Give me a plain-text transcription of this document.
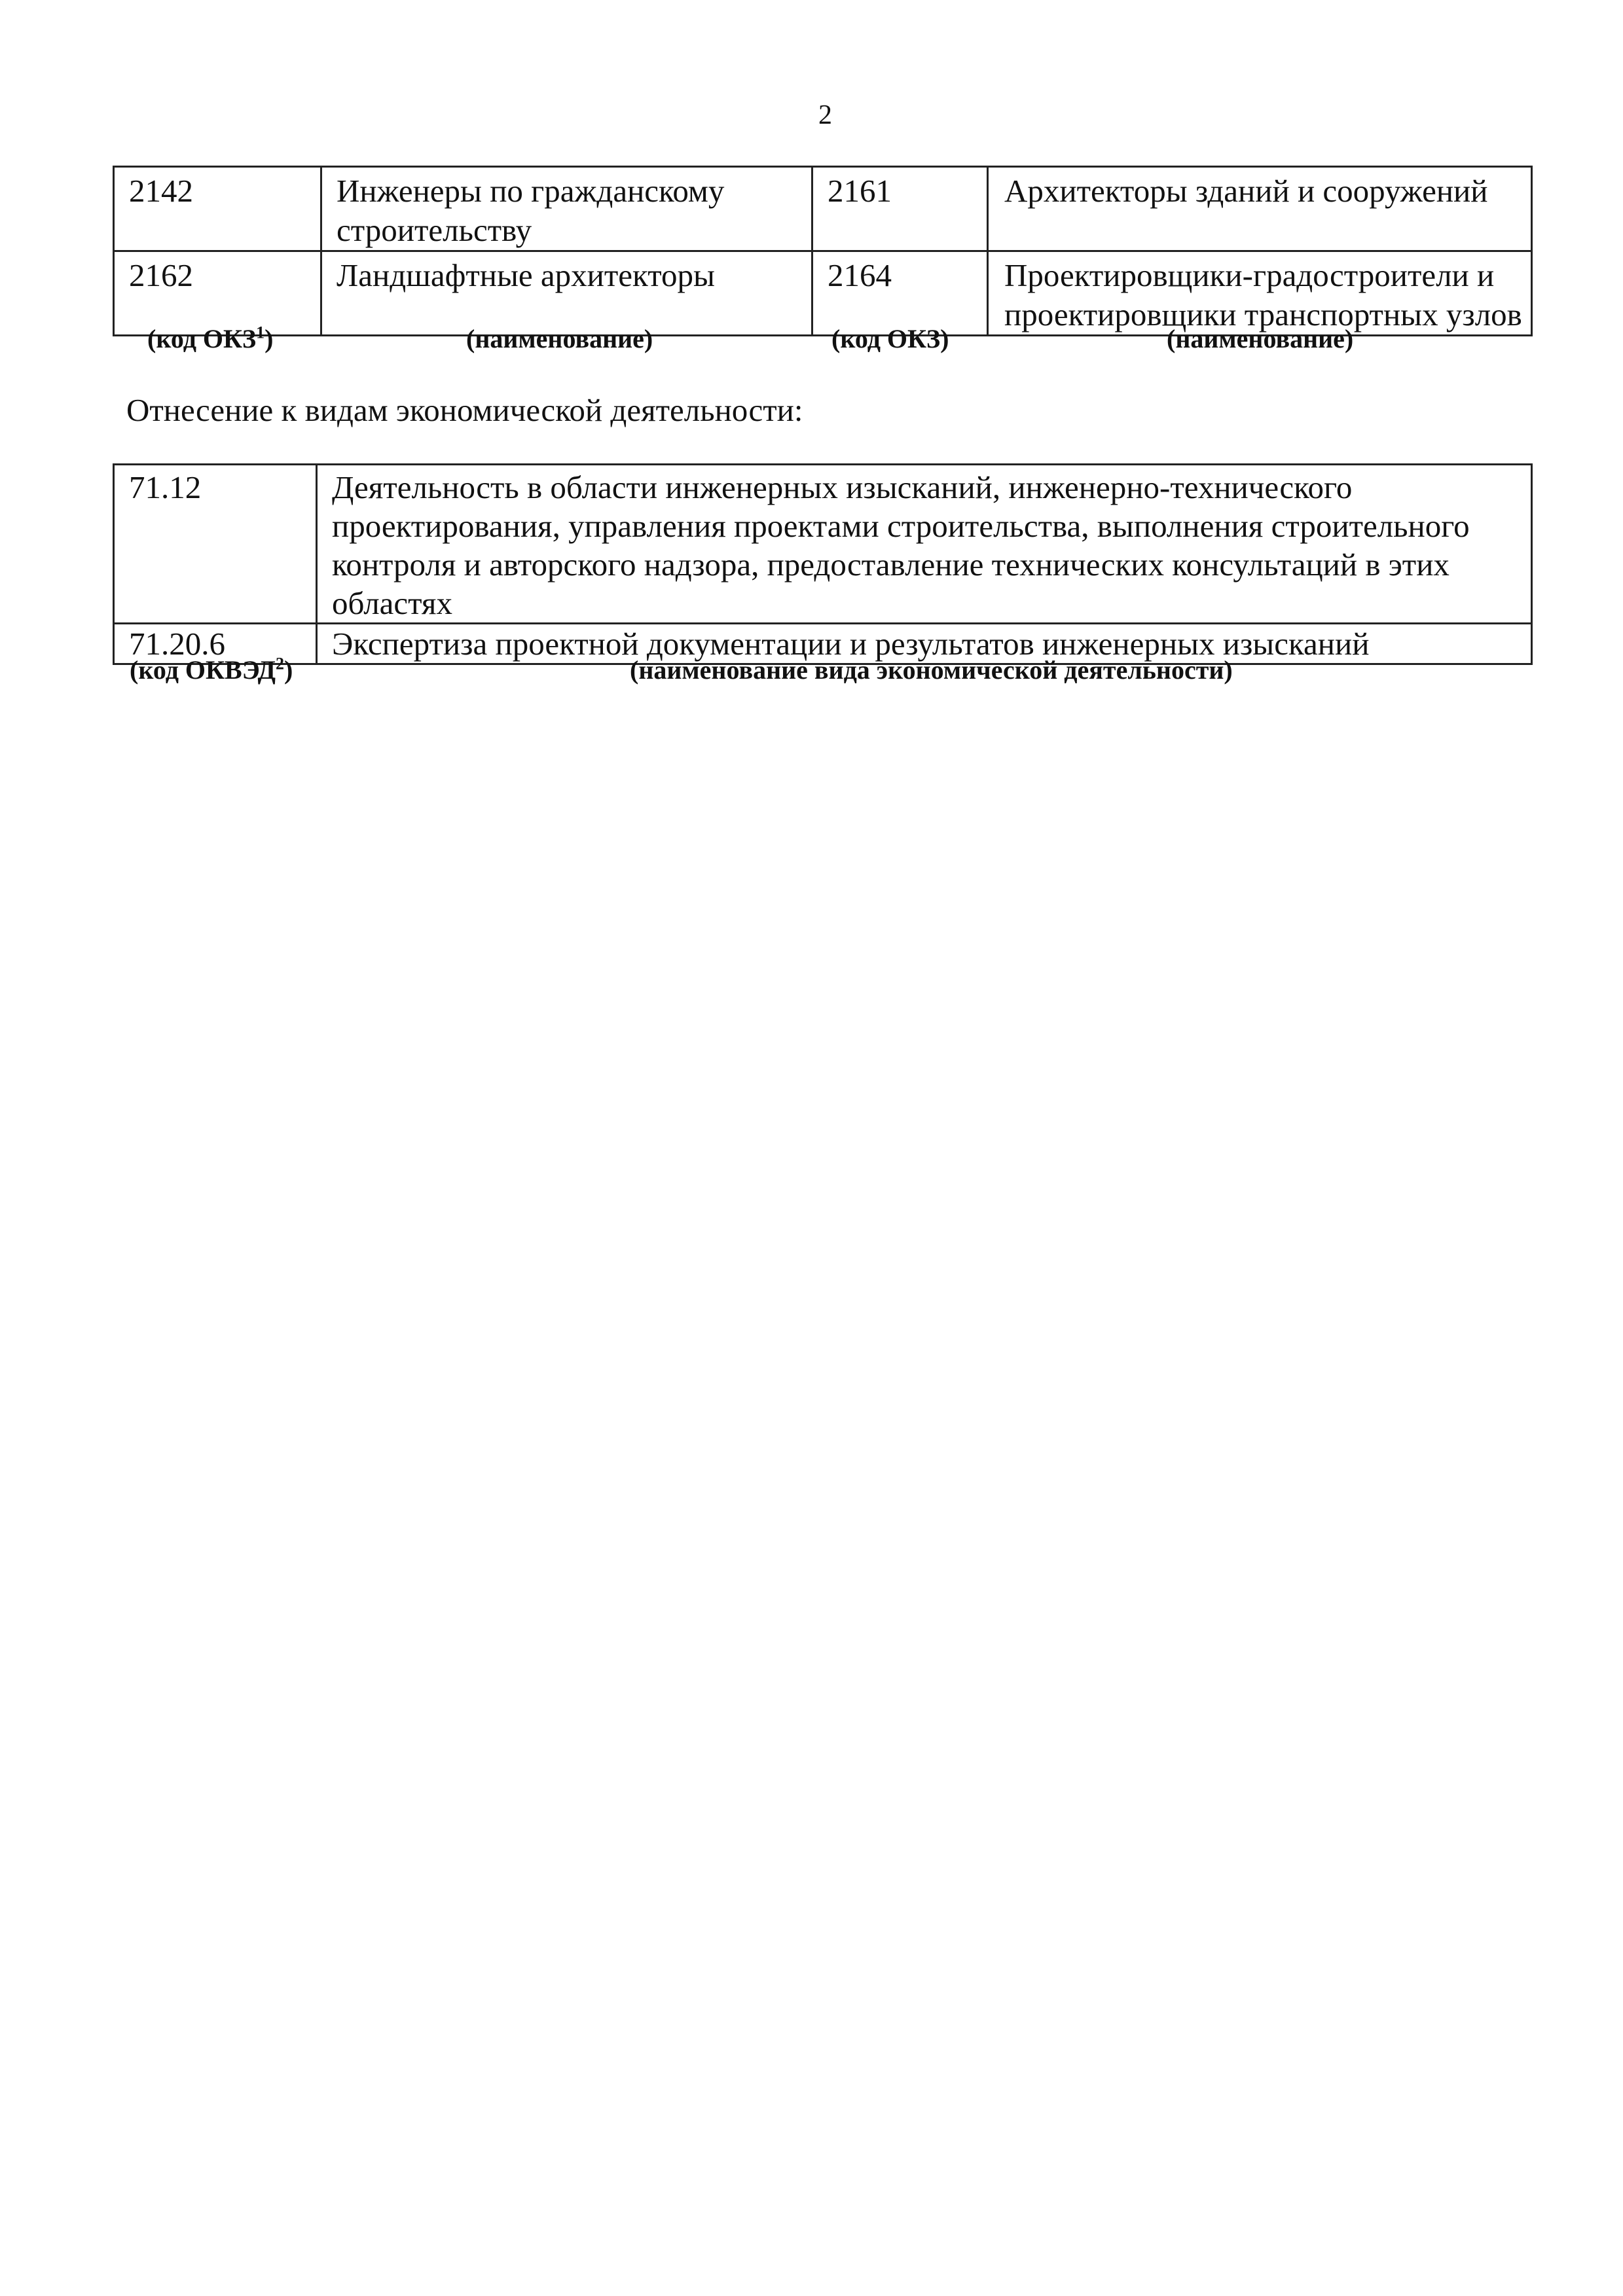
2
2142	Инженеры по гражданскому строительству	2161	Архитекторы зданий и сооружений
2162	Ландшафтные архитекторы	2164	Проектировщики-градостроители и проектировщики транспортных узлов
(код ОКЗ$^1$)	(наименование)	(код ОКЗ)	(наименование)
Отнесение к видам экономической деятельности:
71.12	Деятельность в области инженерных изысканий, инженерно-технического проектирования, управления проектами строительства, выполнения строительного контроля и авторского надзора, предоставление технических консультаций в этих областях
71.20.6	Экспертиза проектной документации и результатов инженерных изысканий
(код ОКВЭД$^2$)	(наименование вида экономической деятельности)
